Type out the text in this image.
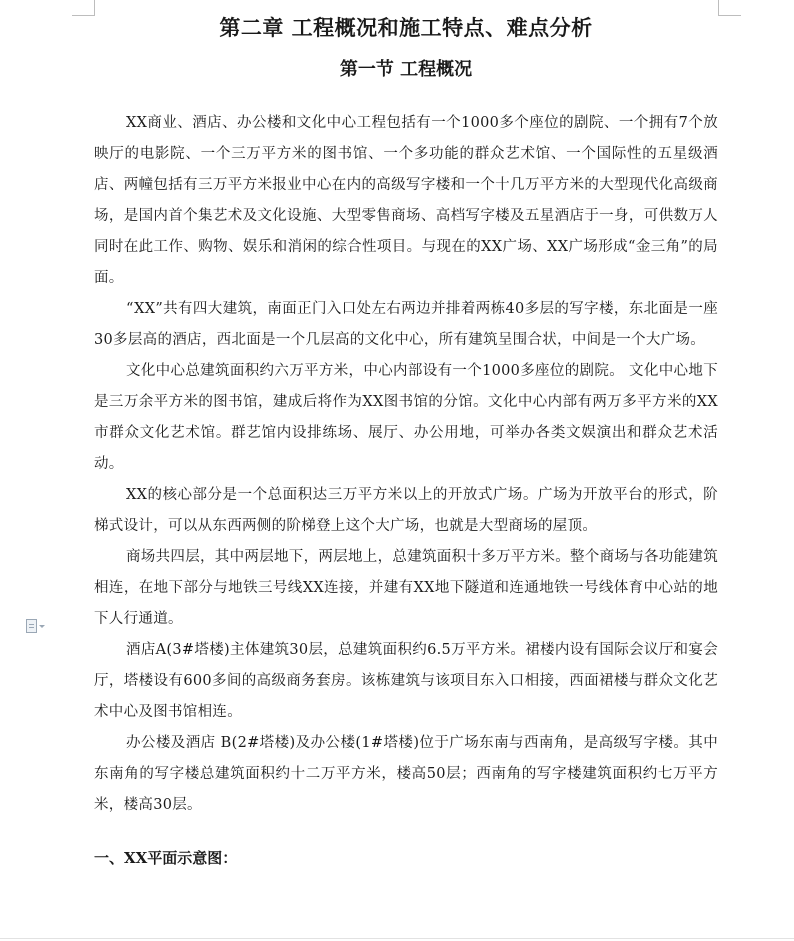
第二章 工程概况和施工特点、难点分析
第一节 工程概况

XX商业、酒店、办公楼和文化中心工程包括有一个1000多个座位的剧院、一个拥有7个放映厅的电影院、一个三万平方米的图书馆、一个多功能的群众艺术馆、一个国际性的五星级酒店、两幢包括有三万平方米报业中心在内的高级写字楼和一个十几万平方米的大型现代化高级商场，是国内首个集艺术及文化设施、大型零售商场、高档写字楼及五星酒店于一身，可供数万人同时在此工作、购物、娱乐和消闲的综合性项目。与现在的XX广场、XX广场形成“金三角”的局面。

“XX”共有四大建筑，南面正门入口处左右两边并排着两栋40多层的写字楼，东北面是一座30多层高的酒店，西北面是一个几层高的文化中心，所有建筑呈围合状，中间是一个大广场。

文化中心总建筑面积约六万平方米，中心内部设有一个1000多座位的剧院。 文化中心地下是三万余平方米的图书馆，建成后将作为XX图书馆的分馆。文化中心内部有两万多平方米的XX市群众文化艺术馆。群艺馆内设排练场、展厅、办公用地，可举办各类文娱演出和群众艺术活动。

XX的核心部分是一个总面积达三万平方米以上的开放式广场。广场为开放平台的形式，阶梯式设计，可以从东西两侧的阶梯登上这个大广场，也就是大型商场的屋顶。

商场共四层，其中两层地下，两层地上，总建筑面积十多万平方米。整个商场与各功能建筑相连，在地下部分与地铁三号线XX连接，并建有XX地下隧道和连通地铁一号线体育中心站的地下人行通道。

酒店A(3#塔楼)主体建筑30层，总建筑面积约6.5万平方米。裙楼内设有国际会议厅和宴会厅，塔楼设有600多间的高级商务套房。该栋建筑与该项目东入口相接，西面裙楼与群众文化艺术中心及图书馆相连。

办公楼及酒店 B(2#塔楼)及办公楼(1#塔楼)位于广场东南与西南角，是高级写字楼。其中东南角的写字楼总建筑面积约十二万平方米，楼高50层；西南角的写字楼建筑面积约七万平方米，楼高30层。

一、XX平面示意图：
